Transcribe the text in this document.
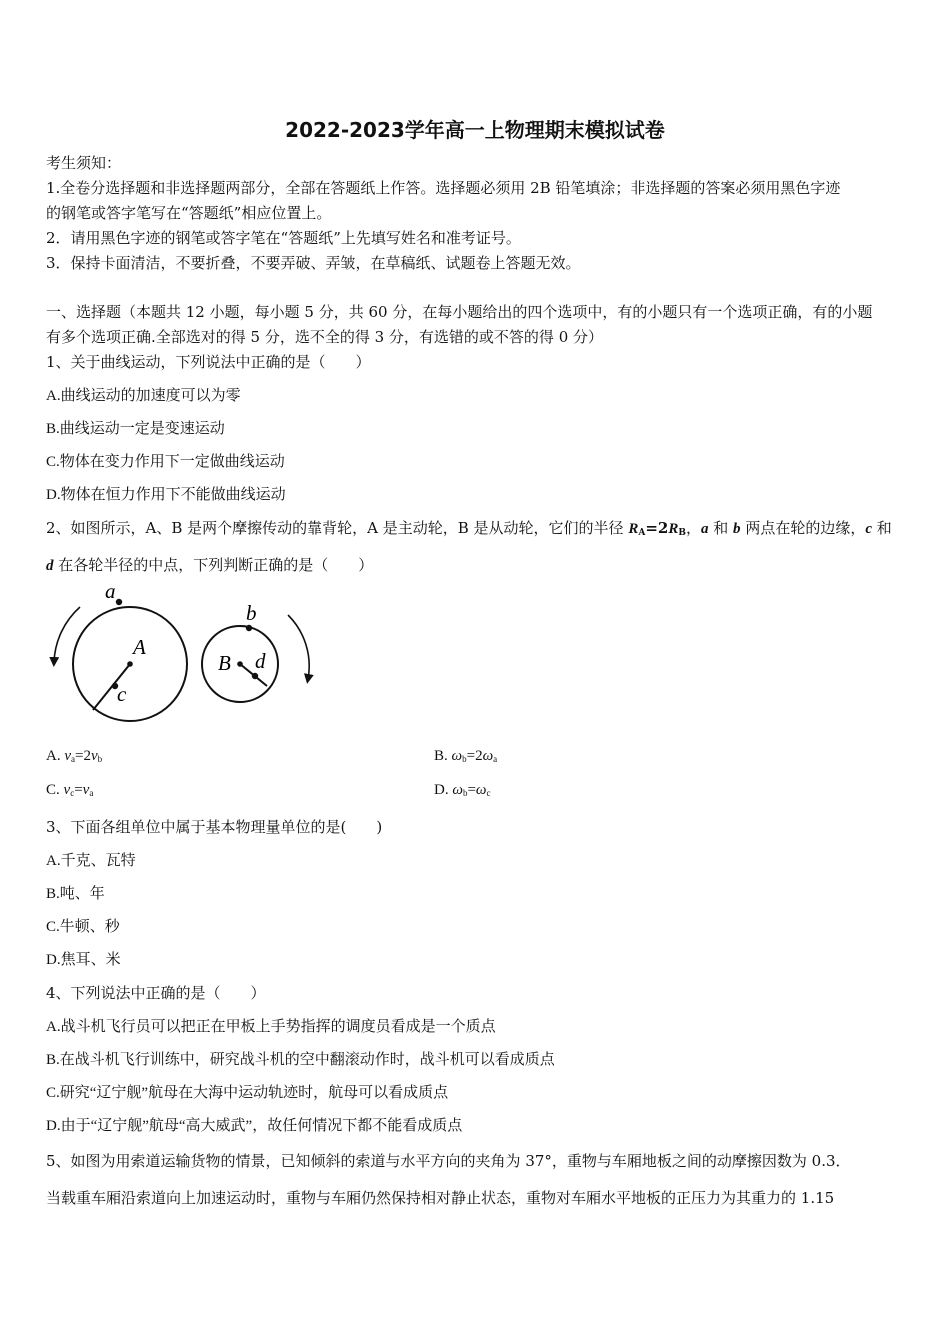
2022-2023学年高一上物理期末模拟试卷
考生须知：
1.全卷分选择题和非选择题两部分，全部在答题纸上作答。选择题必须用 2B 铅笔填涂；非选择题的答案必须用黑色字迹
的钢笔或答字笔写在“答题纸”相应位置上。
2．请用黑色字迹的钢笔或答字笔在“答题纸”上先填写姓名和准考证号。
3．保持卡面清洁，不要折叠，不要弄破、弄皱，在草稿纸、试题卷上答题无效。
一、选择题（本题共 12 小题，每小题 5 分，共 60 分，在每小题给出的四个选项中，有的小题只有一个选项正确，有的小题
有多个选项正确.全部选对的得 5 分，选不全的得 3 分，有选错的或不答的得 0 分）
1、关于曲线运动，下列说法中正确的是（　　）
A.曲线运动的加速度可以为零
B.曲线运动一定是变速运动
C.物体在变力作用下一定做曲线运动
D.物体在恒力作用下不能做曲线运动
2、如图所示，A、B 是两个摩擦传动的靠背轮，A 是主动轮，B 是从动轮，它们的半径 $R_A=2R_B$，a 和 b 两点在轮的边缘，c 和
d 在各轮半径的中点，下列判断正确的是（　　）
a
A
c
b
B d
A. $v_a=2v_b$	B. $\omega_b=2\omega_a$
C. $v_c=v_a$	D. $\omega_b=\omega_c$
3、下面各组单位中属于基本物理量单位的是(　　)
A.千克、瓦特
B.吨、年
C.牛顿、秒
D.焦耳、米
4、下列说法中正确的是（　　）
A.战斗机飞行员可以把正在甲板上手势指挥的调度员看成是一个质点
B.在战斗机飞行训练中，研究战斗机的空中翻滚动作时，战斗机可以看成质点
C.研究“辽宁舰”航母在大海中运动轨迹时，航母可以看成质点
D.由于“辽宁舰”航母“高大威武”，故任何情况下都不能看成质点
5、如图为用索道运输货物的情景，已知倾斜的索道与水平方向的夹角为 37°，重物与车厢地板之间的动摩擦因数为 0.3．
当载重车厢沿索道向上加速运动时，重物与车厢仍然保持相对静止状态，重物对车厢水平地板的正压力为其重力的 1.15
